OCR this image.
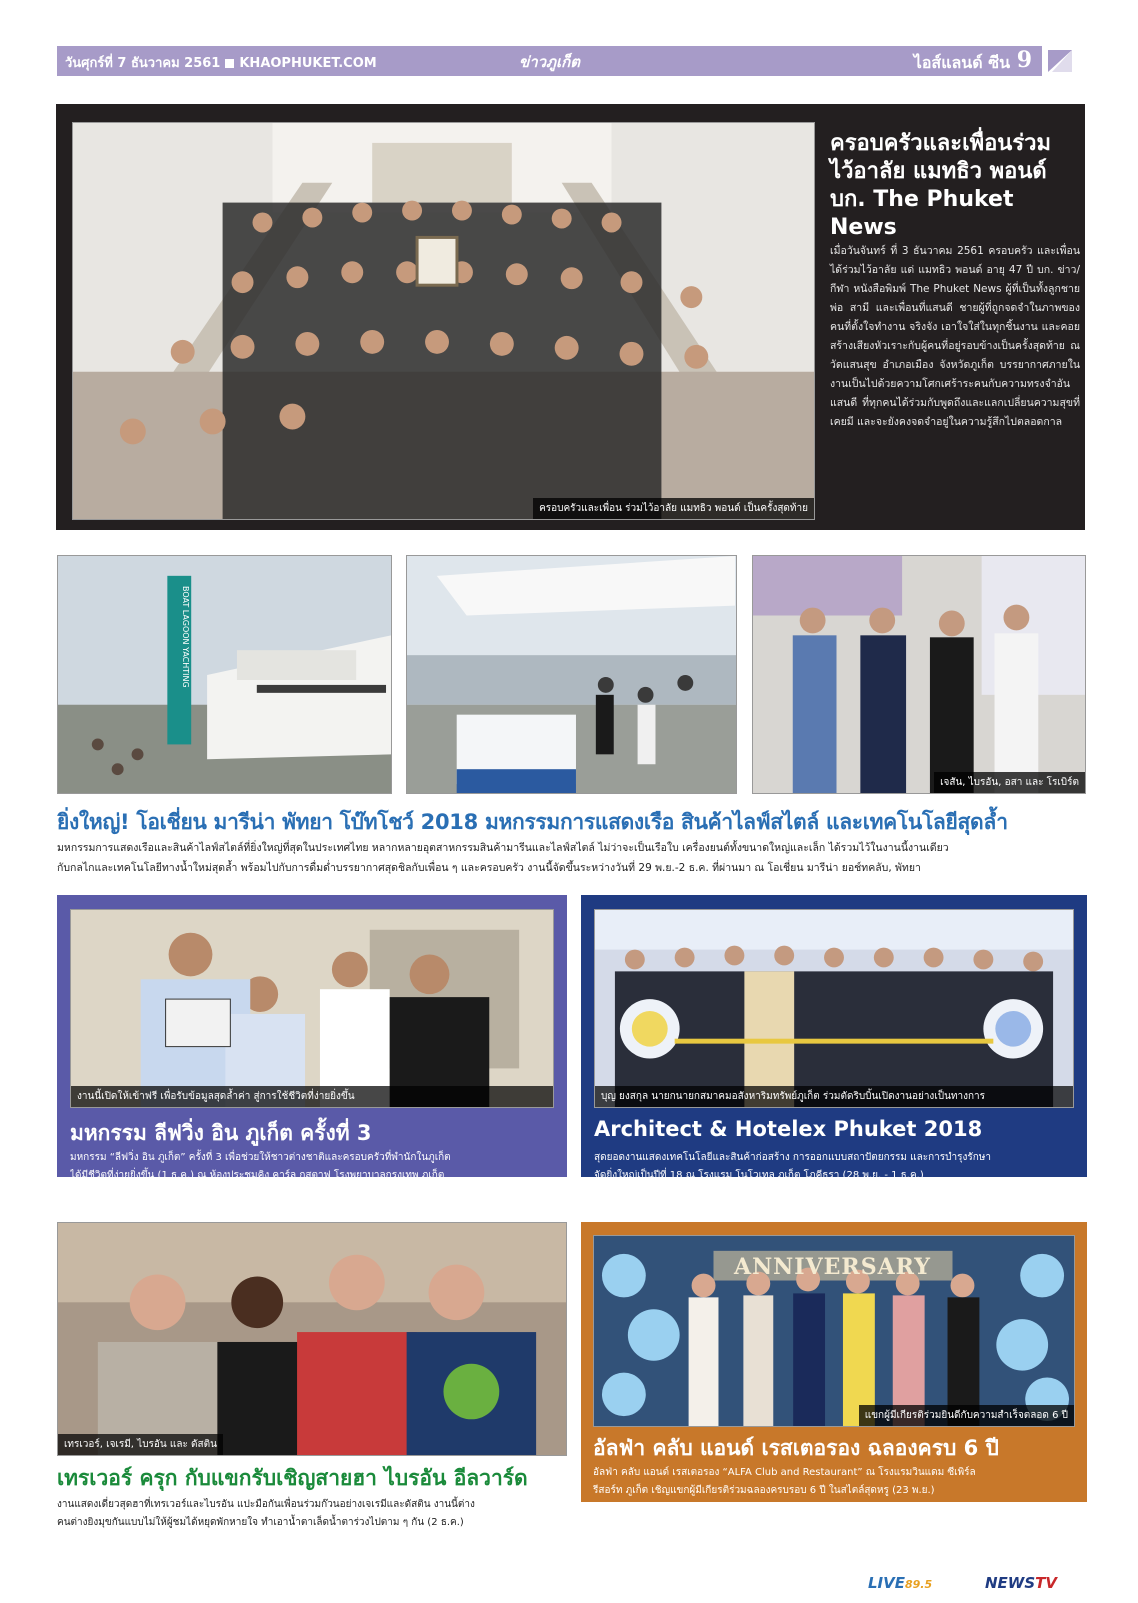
วันศุกร์ที่ 7 ธันวาคม 2561 KHAOPHUKET.COM	ข่าวภูเก็ต	ไอส์แลนด์ ซีน 9
ครอบครัวและเพื่อน ร่วมไว้อาลัย แมทธิว พอนด์ เป็นครั้งสุดท้าย
ครอบครัวและเพื่อนร่วม
ไว้อาลัย แมทธิว พอนด์
บก. The Phuket News
เมื่อวันจันทร์ ที่ 3 ธันวาคม 2561 ครอบครัว และเพื่อนได้ร่วมไว้อาลัย แด่ แมทธิว พอนด์ อายุ 47 ปี บก. ข่าว/กีฬา หนังสือพิมพ์ The Phuket News ผู้ที่เป็นทั้งลูกชาย พ่อ สามี และเพื่อนที่แสนดี ชายผู้ที่ถูกจดจำในภาพของคนที่ตั้งใจทำงาน จริงจัง เอาใจใส่ในทุกชิ้นงาน และคอยสร้างเสียงหัวเราะกับผู้คนที่อยู่รอบข้างเป็นครั้งสุดท้าย ณ วัดแสนสุข อำเภอเมือง จังหวัดภูเก็ต บรรยากาศภายในงานเป็นไปด้วยความโศกเศร้าระคนกับความทรงจำอันแสนดี ที่ทุกคนได้ร่วมกับพูดถึงและแลกเปลี่ยนความสุขที่เคยมี และจะยังคงจดจำอยู่ในความรู้สึกไปตลอดกาล
BOAT LAGOON YACHTING
เจสัน, ไบรอัน, อสา และ โรเบิร์ต
ยิ่งใหญ่! โอเชี่ยน มารีน่า พัทยา โบ๊ทโชว์ 2018 มหกรรมการแสดงเรือ สินค้าไลฟ์สไตล์ และเทคโนโลยีสุดล้ำ
มหกรรมการแสดงเรือและสินค้าไลฟ์สไตล์ที่ยิ่งใหญ่ที่สุดในประเทศไทย หลากหลายอุตสาหกรรมสินค้ามารีนและไลฟ์สไตล์ ไม่ว่าจะเป็นเรือใบ เครื่องยนต์ทั้งขนาดใหญ่และเล็ก ได้รวมไว้ในงานนี้งานเดียว
กับกลไกและเทคโนโลยีทางน้ำใหม่สุดล้ำ พร้อมไปกับการดื่มด่ำบรรยากาศสุดชิลกับเพื่อน ๆ และครอบครัว งานนี้จัดขึ้นระหว่างวันที่ 29 พ.ย.-2 ธ.ค. ที่ผ่านมา ณ โอเชี่ยน มารีน่า ยอช์ทคลับ, พัทยา
งานนี้เปิดให้เข้าฟรี เพื่อรับข้อมูลสุดล้ำค่า สู่การใช้ชีวิตที่ง่ายยิ่งขึ้น
มหกรรม ลีฟวิ่ง อิน ภูเก็ต ครั้งที่ 3
มหกรรม “ลีฟวิ่ง อิน ภูเก็ต” ครั้งที่ 3 เพื่อช่วยให้ชาวต่างชาติและครอบครัวที่พำนักในภูเก็ต
ได้มีชีวิตที่ง่ายยิ่งขึ้น (1 ธ.ค.) ณ ห้องประชุมคิง คาร์ล กุสตาฟ โรงพยาบาลกรุงเทพ ภูเก็ต
บุญ ยงสกุล นายกนายกสมาคมอสังหาริมทรัพย์ภูเก็ต ร่วมตัดริบบิ้นเปิดงานอย่างเป็นทางการ
Architect & Hotelex Phuket 2018
สุดยอดงานแสดงเทคโนโลยีและสินค้าก่อสร้าง การออกแบบสถาปัตยกรรม และการบำรุงรักษา
จัดยิ่งใหญ่เป็นปีที่ 18 ณ โรงแรม โนโวเทล ภูเก็ต โภคีธรา (28 พ.ย. - 1 ธ.ค.)
เทรเวอร์, เจเรมี, ไบรอัน และ ดัสติน
เทรเวอร์ ครุก กับแขกรับเชิญสายฮา ไบรอัน อีลวาร์ด
งานแสดงเดี่ยวสุดฮาที่เทรเวอร์และไบรอัน แปะมือกันเพื่อนร่วมก๊วนอย่างเจเรมีและดัสติน งานนี้ต่าง
คนต่างยิงมุขกันแบบไม่ให้ผู้ชมได้หยุดพักหายใจ ทำเอาน้ำตาเล็ดน้ำตาร่วงไปตาม ๆ กัน (2 ธ.ค.)
ANNIVERSARY
แขกผู้มีเกียรติร่วมยินดีกับความสำเร็จตลอด 6 ปี
อัลฟ่า คลับ แอนด์ เรสเตอรอง ฉลองครบ 6 ปี
อัลฟ่า คลับ แอนด์ เรสเตอรอง “ALFA Club and Restaurant” ณ โรงแรมวินแดม ซีเพิร์ล
รีสอร์ท ภูเก็ต เชิญแขกผู้มีเกียรติร่วมฉลองครบรอบ 6 ปี ในสไตล์สุดหรู (23 พ.ย.)
LIVE89.5	NEWSTV
